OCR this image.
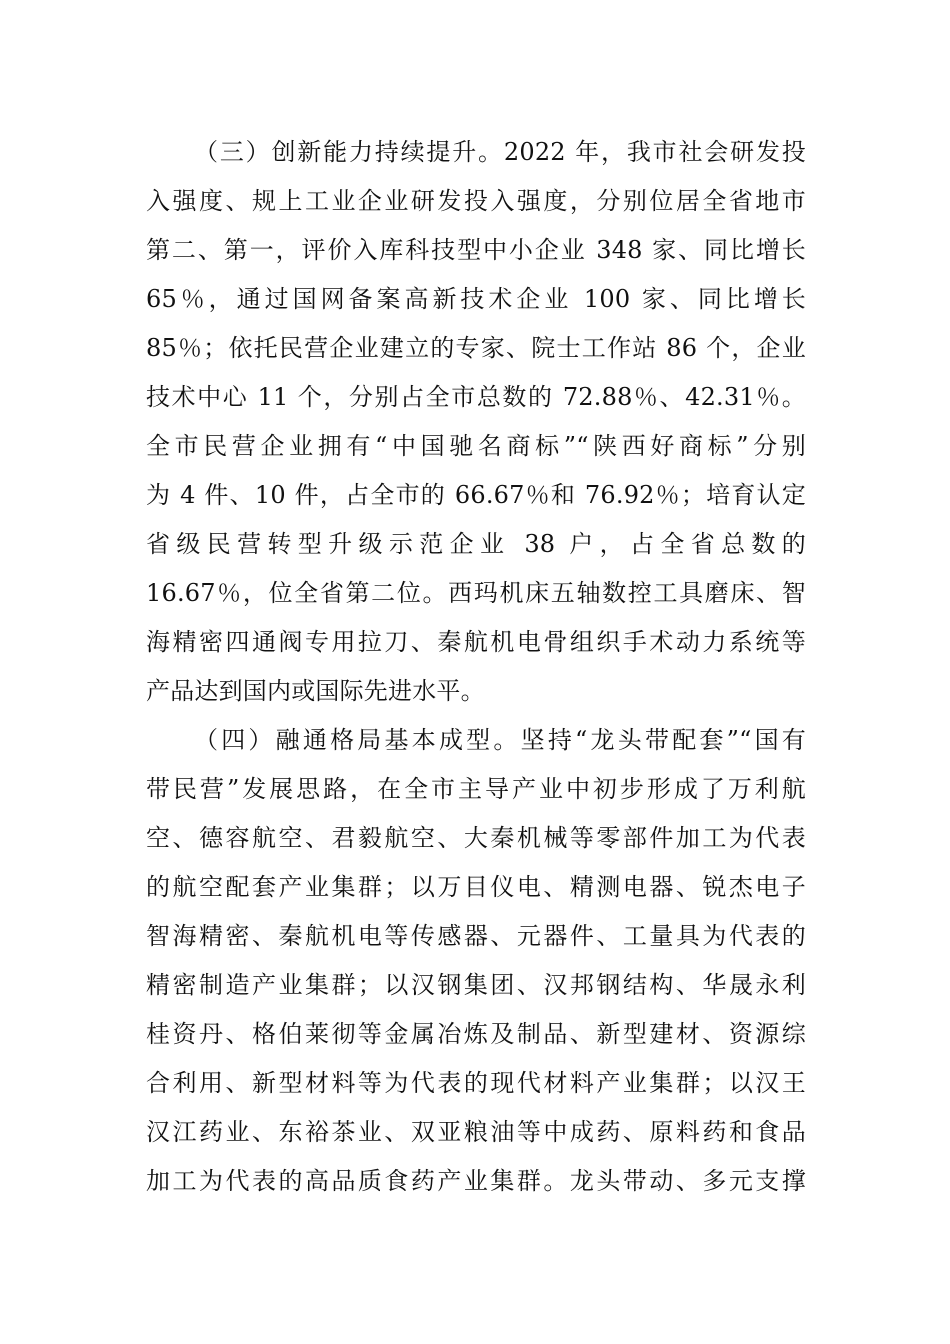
（三）创新能力持续提升。2022 年，我市社会研发投
入强度、规上工业企业研发投入强度，分别位居全省地市
第二、第一，评价入库科技型中小企业 348 家、同比增长
65％，通过国网备案高新技术企业 100 家、同比增长
85％；依托民营企业建立的专家、院士工作站 86 个，企业
技术中心 11 个，分别占全市总数的 72.88％、42.31％。
全市民营企业拥有“中国驰名商标”“陕西好商标”分别
为 4 件、10 件，占全市的 66.67％和 76.92％；培育认定
省级民营转型升级示范企业 38 户，占全省总数的
16.67％，位全省第二位。西玛机床五轴数控工具磨床、智
海精密四通阀专用拉刀、秦航机电骨组织手术动力系统等
产品达到国内或国际先进水平。
（四）融通格局基本成型。坚持“龙头带配套”“国有
带民营”发展思路，在全市主导产业中初步形成了万利航
空、德容航空、君毅航空、大秦机械等零部件加工为代表
的航空配套产业集群；以万目仪电、精测电器、锐杰电子
智海精密、秦航机电等传感器、元器件、工量具为代表的
精密制造产业集群；以汉钢集团、汉邦钢结构、华晟永利
桂资丹、格伯莱彻等金属冶炼及制品、新型建材、资源综
合利用、新型材料等为代表的现代材料产业集群；以汉王
汉江药业、东裕茶业、双亚粮油等中成药、原料药和食品
加工为代表的高品质食药产业集群。龙头带动、多元支撑
